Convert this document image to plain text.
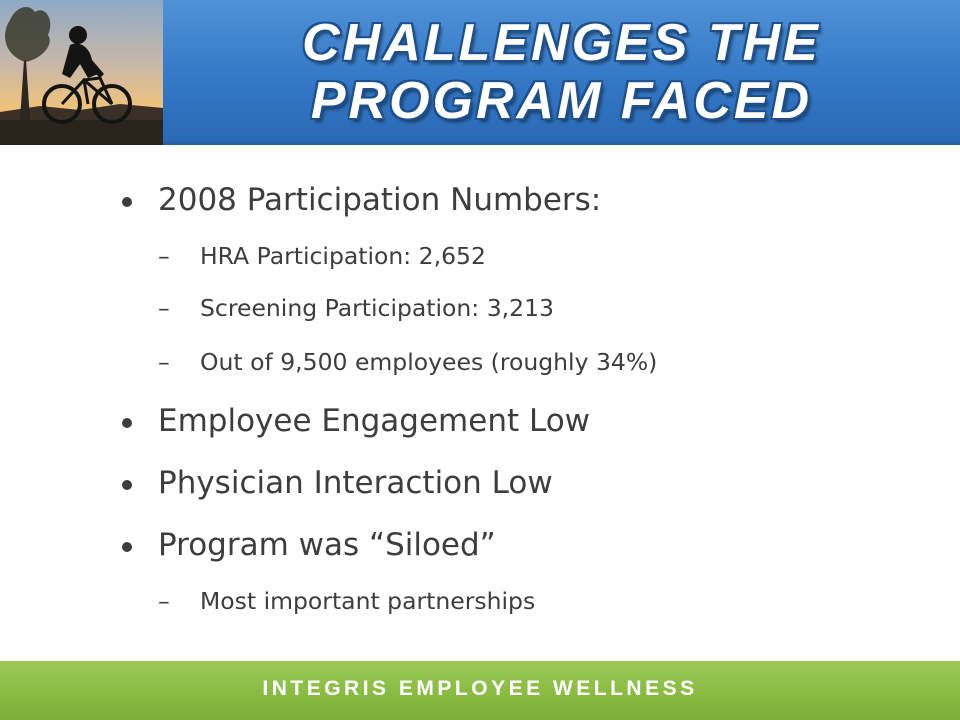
CHALLENGES THE
PROGRAM FACED
2008 Participation Numbers:
– HRA Participation: 2,652
– Screening Participation: 3,213
– Out of 9,500 employees (roughly 34%)
Employee Engagement Low
Physician Interaction Low
Program was “Siloed”
– Most important partnerships
INTEGRIS EMPLOYEE WELLNESS
